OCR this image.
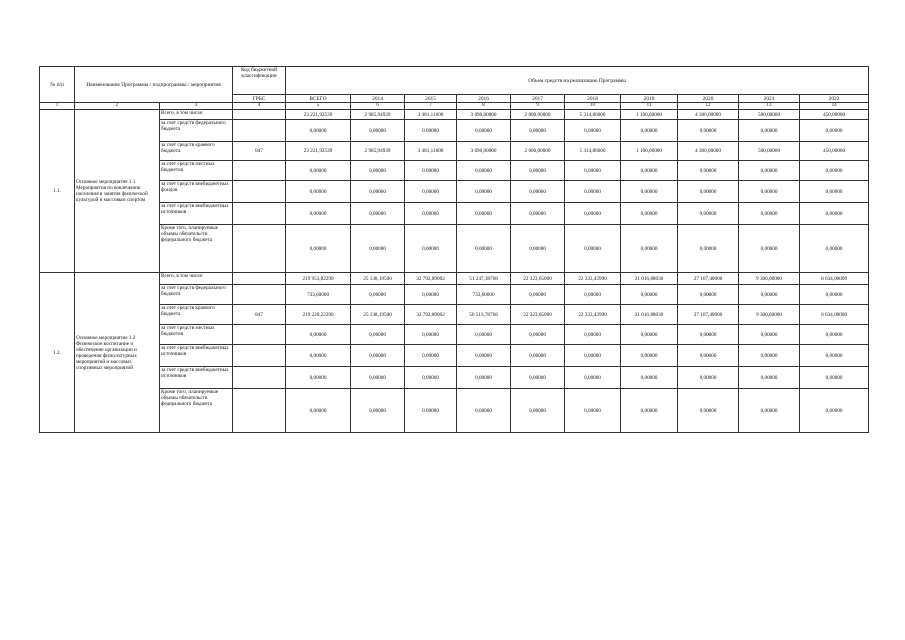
№ п/п	Наименование Программы / подпрограммы / мероприятия		Код бюджетной классификации	Объем средств на реализацию Программы									
			ГРБС	ВСЕГО	2014	2015	2016	2017	2018	2019	2020	2021	2022
1	2	3	4	5	6	7	8	9	10	11	12	13	14
1.1.	Основное мероприятие 1.1 Мероприятия по вовлечению населения в занятия физической культурой и массовым спортом	Всего, в том числе:		23 221,92539	2 985,94939	3 481,11600	3 090,00000	2 000,00000	5 314,86000	1 100,00000	4 300,00000	500,00000	450,00000
		за счет средств федерального бюджета		0,00000	0,00000	0,00000	0,00000	0,00000	0,00000	0,00000	0,00000	0,00000	0,00000
		за счет средств краевого бюджета	847	23 221,92539	2 985,94939	3 481,11600	3 090,00000	2 000,00000	5 314,86000	1 100,00000	4 300,00000	500,00000	450,00000
		за счет средств местных бюджетов		0,00000	0,00000	0,00000	0,00000	0,00000	0,00000	0,00000	0,00000	0,00000	0,00000
		за счет средств внебюджетных фондов		0,00000	0,00000	0,00000	0,00000	0,00000	0,00000	0,00000	0,00000	0,00000	0,00000
		за счет средств внебюджетных источников		0,00000	0,00000	0,00000	0,00000	0,00000	0,00000	0,00000	0,00000	0,00000	0,00000
		Кроме того, планируемые объемы обязательств федерального бюджета		0,00000	0,00000	0,00000	0,00000	0,00000	0,00000	0,00000	0,00000	0,00000	0,00000
1.2.	Основное мероприятие 1.2 Физическое воспитание и обеспечение организации и проведения физкультурных мероприятий и массовых спортивных мероприятий	Всего, в том числе:		219 953,82290	25 138,19500	32 792,89002	51 247,38768	22 323,65000	22 333,43990	21 016,88030	27 167,40000	9 300,00000	8 634,00000
		за счет средств федерального бюджета		733,60000	0,00000	0,00000	733,60000	0,00000	0,00000	0,00000	0,00000	0,00000	0,00000
		за счет средств краевого бюджета	847	219 220,22290	25 138,19500	32 792,89002	50 513,78768	22 323,65000	22 333,43990	21 016,88030	27 167,40000	9 300,00000	8 634,00000
		за счет средств местных бюджетов		0,00000	0,00000	0,00000	0,00000	0,00000	0,00000	0,00000	0,00000	0,00000	0,00000
		за счет средств внебюджетных источников		0,00000	0,00000	0,00000	0,00000	0,00000	0,00000	0,00000	0,00000	0,00000	0,00000
		за счет средств внебюджетных источников		0,00000	0,00000	0,00000	0,00000	0,00000	0,00000	0,00000	0,00000	0,00000	0,00000
		Кроме того, планируемые объемы обязательств федерального бюджета		0,00000	0,00000	0,00000	0,00000	0,00000	0,00000	0,00000	0,00000	0,00000	0,00000
